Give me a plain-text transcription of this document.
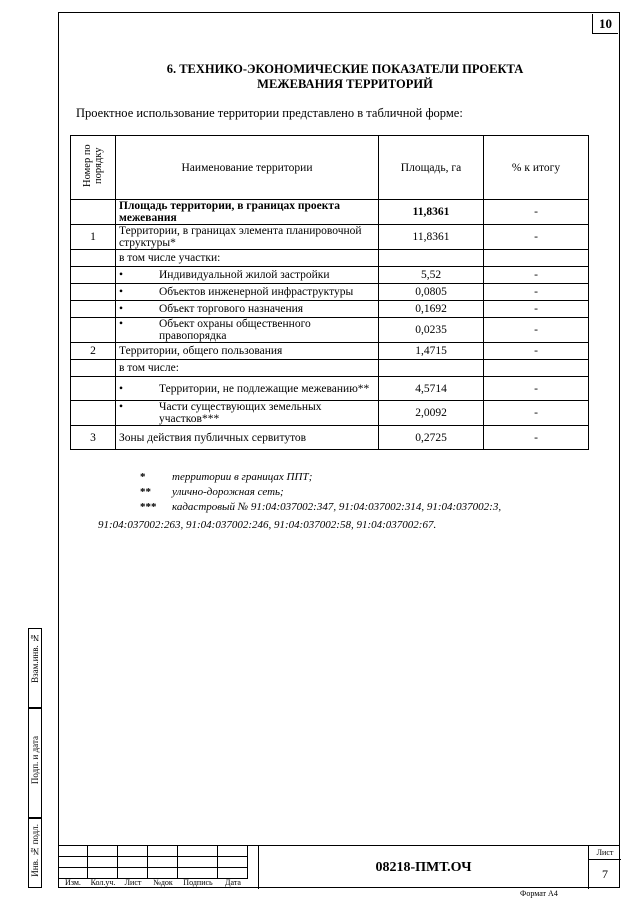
10
6. ТЕХНИКО-ЭКОНОМИЧЕСКИЕ ПОКАЗАТЕЛИ ПРОЕКТА
МЕЖЕВАНИЯ ТЕРРИТОРИЙ
Проектное использование территории представлено в табличной форме:
Номер по порядку	Наименование территории	Площадь, га	% к итогу
	Площадь территории, в границах проекта межевания	11,8361	-
1	Территории, в границах элемента планировочной структуры*	11,8361	-
	в том числе участки:		

	• Индивидуальной жилой застройки	5,52	-

	• Объектов инженерной инфраструктуры	0,0805	-

	• Объект торгового назначения	0,1692	-

	• Объект охраны общественного правопорядка	0,0235	-
2	Территории, общего пользования	1,4715	-
	в том числе:		

	• Территории, не подлежащие межеванию**	4,5714	-

	• Части существующих земельных участков***	2,0092	-
3	Зоны действия публичных сервитутов	0,2725	-
*	территории в границах ППТ;
**	улично-дорожная сеть;
***	кадастровый № 91:04:037002:347, 91:04:037002:314, 91:04:037002:3,
91:04:037002:263, 91:04:037002:246, 91:04:037002:58, 91:04:037002:67.
Взам.инв. №
Подп. и дата
Инв. № подл.
Изм.	Кол.уч.	Лист	№док	Подпись	Дата
08218-ПМТ.ОЧ
Лист
7
Формат А4
